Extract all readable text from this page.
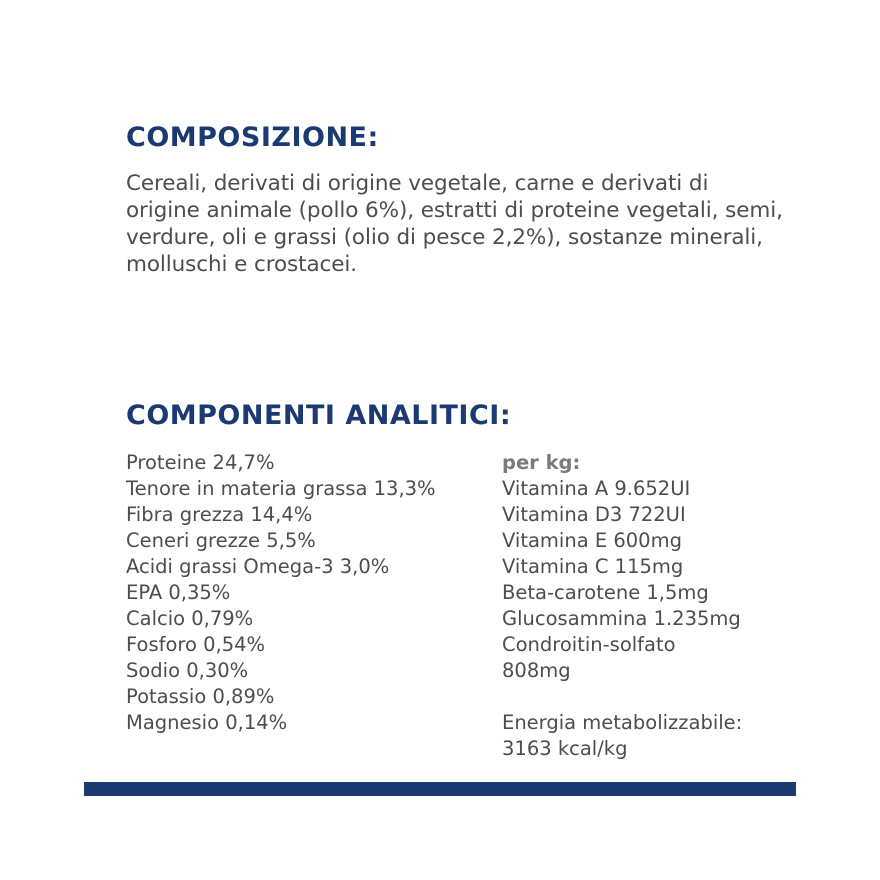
COMPOSIZIONE:

Cereali, derivati di origine vegetale, carne e derivati di origine animale (pollo 6%), estratti di proteine vegetali, semi, verdure, oli e grassi (olio di pesce 2,2%), sostanze minerali, molluschi e crostacei.

COMPONENTI ANALITICI:
Proteine 24,7%
Tenore in materia grassa 13,3%
Fibra grezza 14,4%
Ceneri grezze 5,5%
Acidi grassi Omega-3 3,0%
EPA 0,35%
Calcio 0,79%
Fosforo 0,54%
Sodio 0,30%
Potassio 0,89%
Magnesio 0,14%
per kg:
Vitamina A 9.652UI
Vitamina D3 722UI
Vitamina E 600mg
Vitamina C 115mg
Beta-carotene 1,5mg
Glucosammina 1.235mg
Condroitin-solfato
808mg
Energia metabolizzabile:
3163 kcal/kg
